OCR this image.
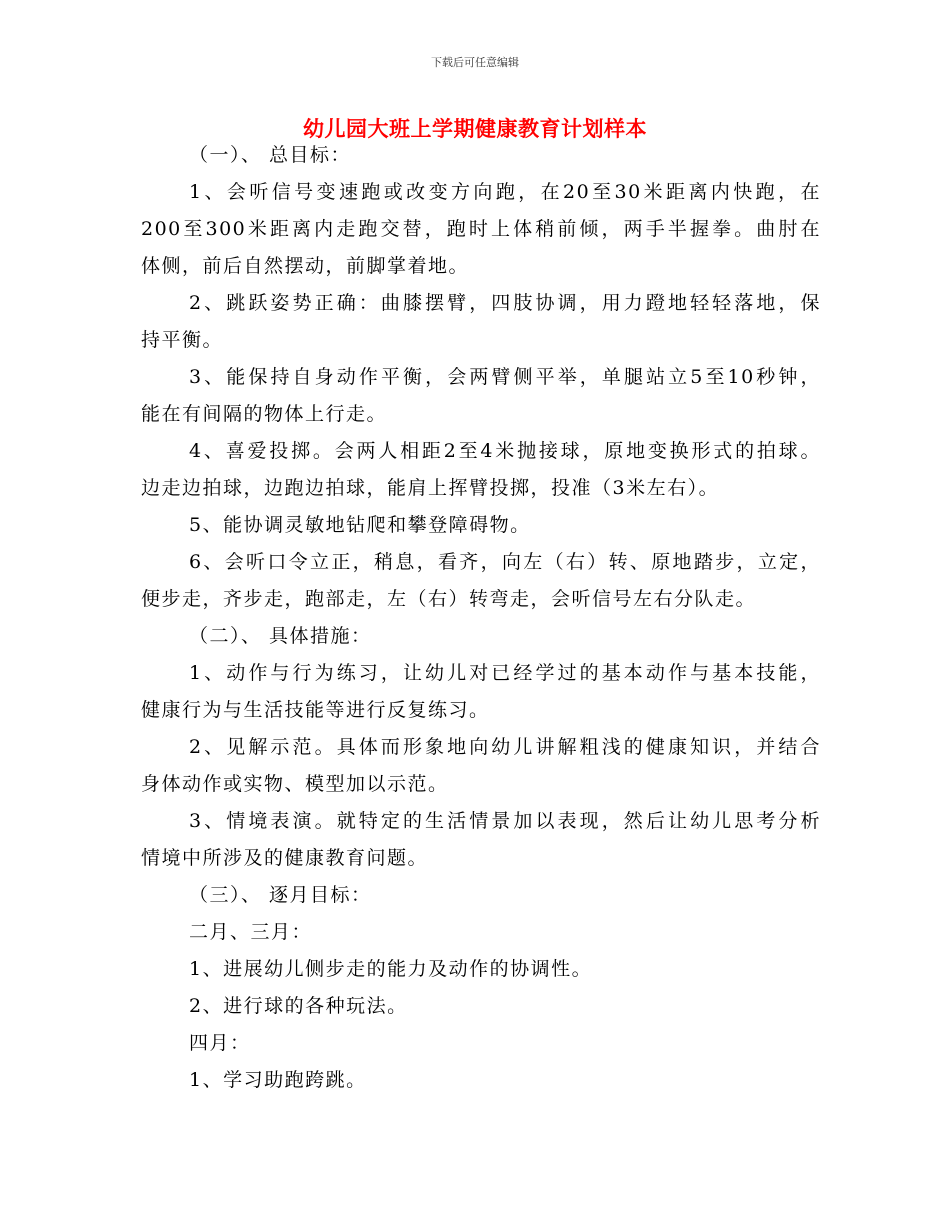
下载后可任意编辑
幼儿园大班上学期健康教育计划样本
（一）、 总目标：
1、会听信号变速跑或改变方向跑，在20至30米距离内快跑，在
200至300米距离内走跑交替，跑时上体稍前倾，两手半握拳。曲肘在
体侧，前后自然摆动，前脚掌着地。
2、跳跃姿势正确：曲膝摆臂，四肢协调，用力蹬地轻轻落地，保
持平衡。
3、能保持自身动作平衡，会两臂侧平举，单腿站立5至10秒钟，
能在有间隔的物体上行走。
4、喜爱投掷。会两人相距2至4米抛接球，原地变换形式的拍球。
边走边拍球，边跑边拍球，能肩上挥臂投掷，投准（3米左右）。
5、能协调灵敏地钻爬和攀登障碍物。
6、会听口令立正，稍息，看齐，向左（右）转、原地踏步，立定，
便步走，齐步走，跑部走，左（右）转弯走，会听信号左右分队走。
（二）、 具体措施：
1、动作与行为练习，让幼儿对已经学过的基本动作与基本技能，
健康行为与生活技能等进行反复练习。
2、见解示范。具体而形象地向幼儿讲解粗浅的健康知识，并结合
身体动作或实物、模型加以示范。
3、情境表演。就特定的生活情景加以表现，然后让幼儿思考分析
情境中所涉及的健康教育问题。
（三）、 逐月目标：
二月、三月：
1、进展幼儿侧步走的能力及动作的协调性。
2、进行球的各种玩法。
四月：
1、学习助跑跨跳。
